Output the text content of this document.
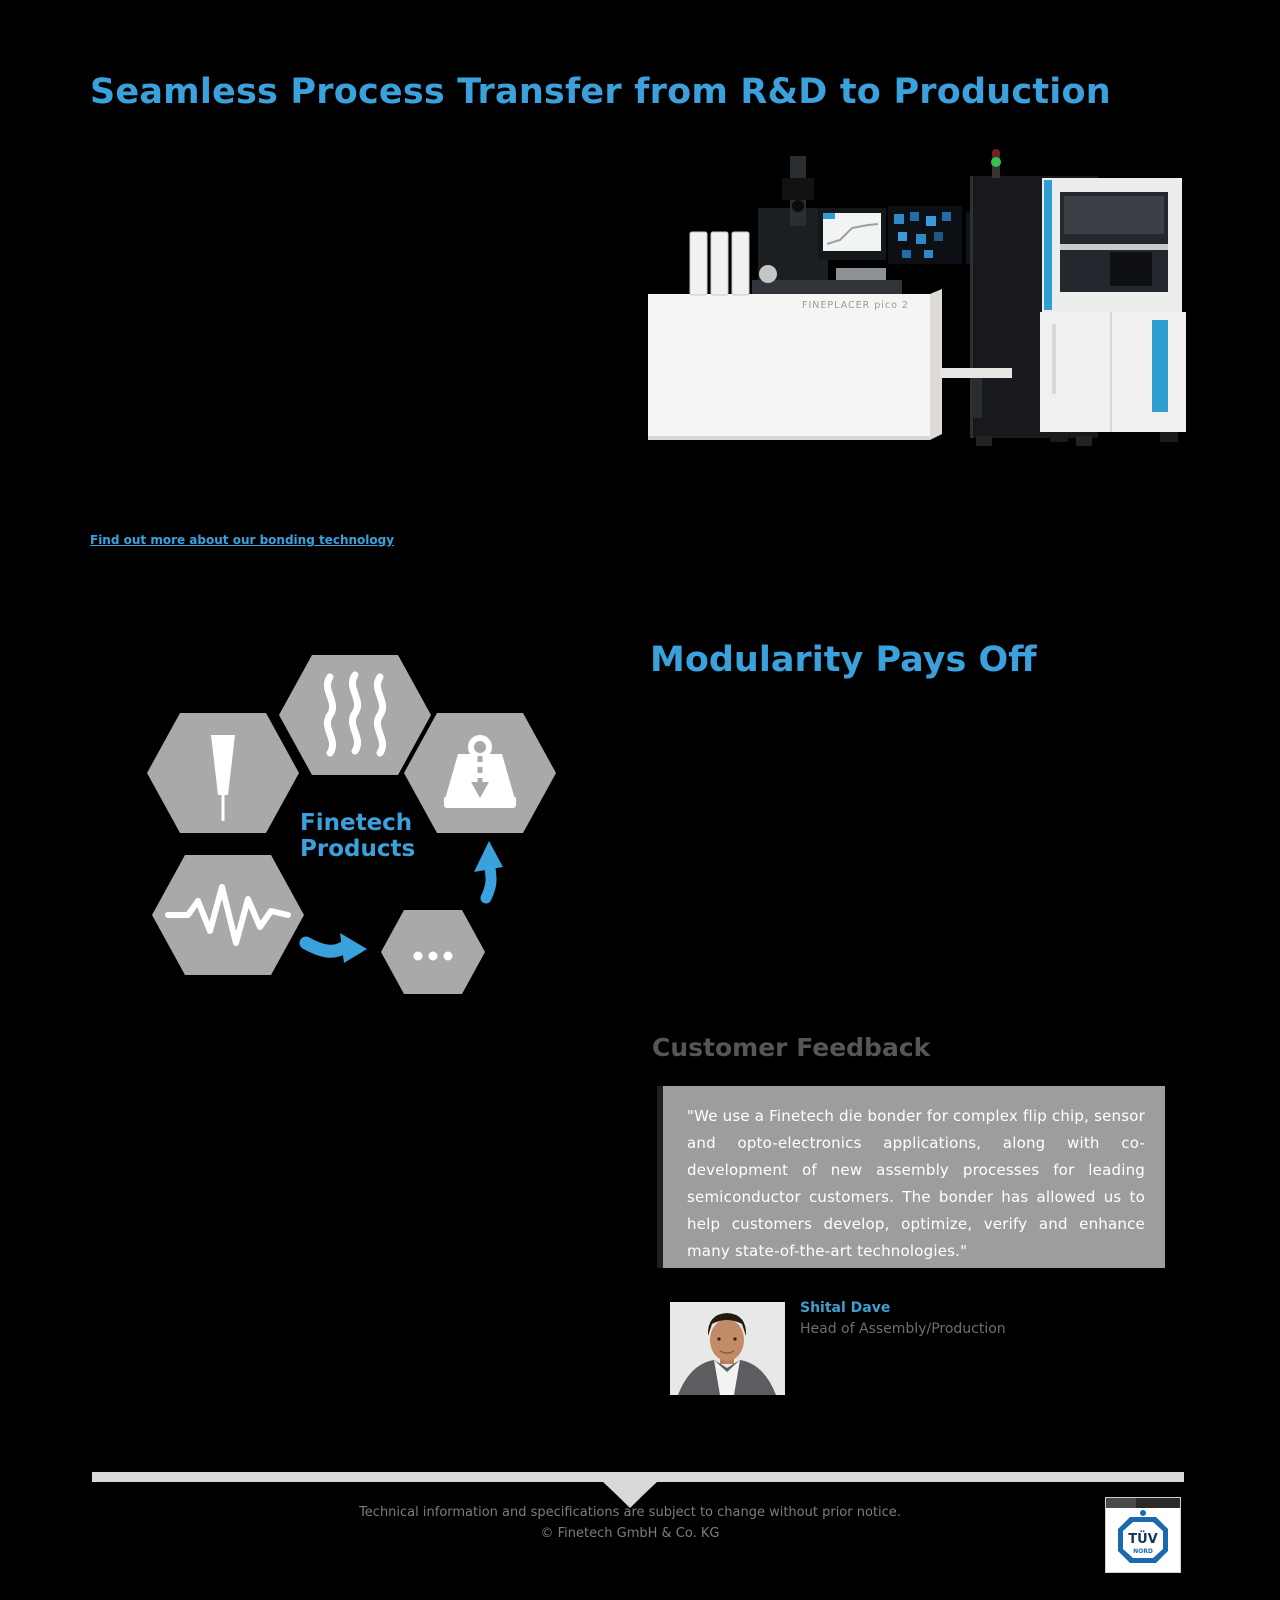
Seamless Process Transfer from R&D to Production
FINEPLACER pico 2
Find out more about our bonding technology
Finetech
Products
Modularity Pays Off
Customer Feedback
"We use a Finetech die bonder for complex flip chip, sensor and opto-electronics applications, along with co-development of new assembly processes for leading semiconductor customers. The bonder has allowed us to help customers develop, optimize, verify and enhance many state-of-the-art technologies."
Shital Dave
Head of Assembly/Production
Technical information and specifications are subject to change without prior notice.
© Finetech GmbH & Co. KG	TÜV
NORD
